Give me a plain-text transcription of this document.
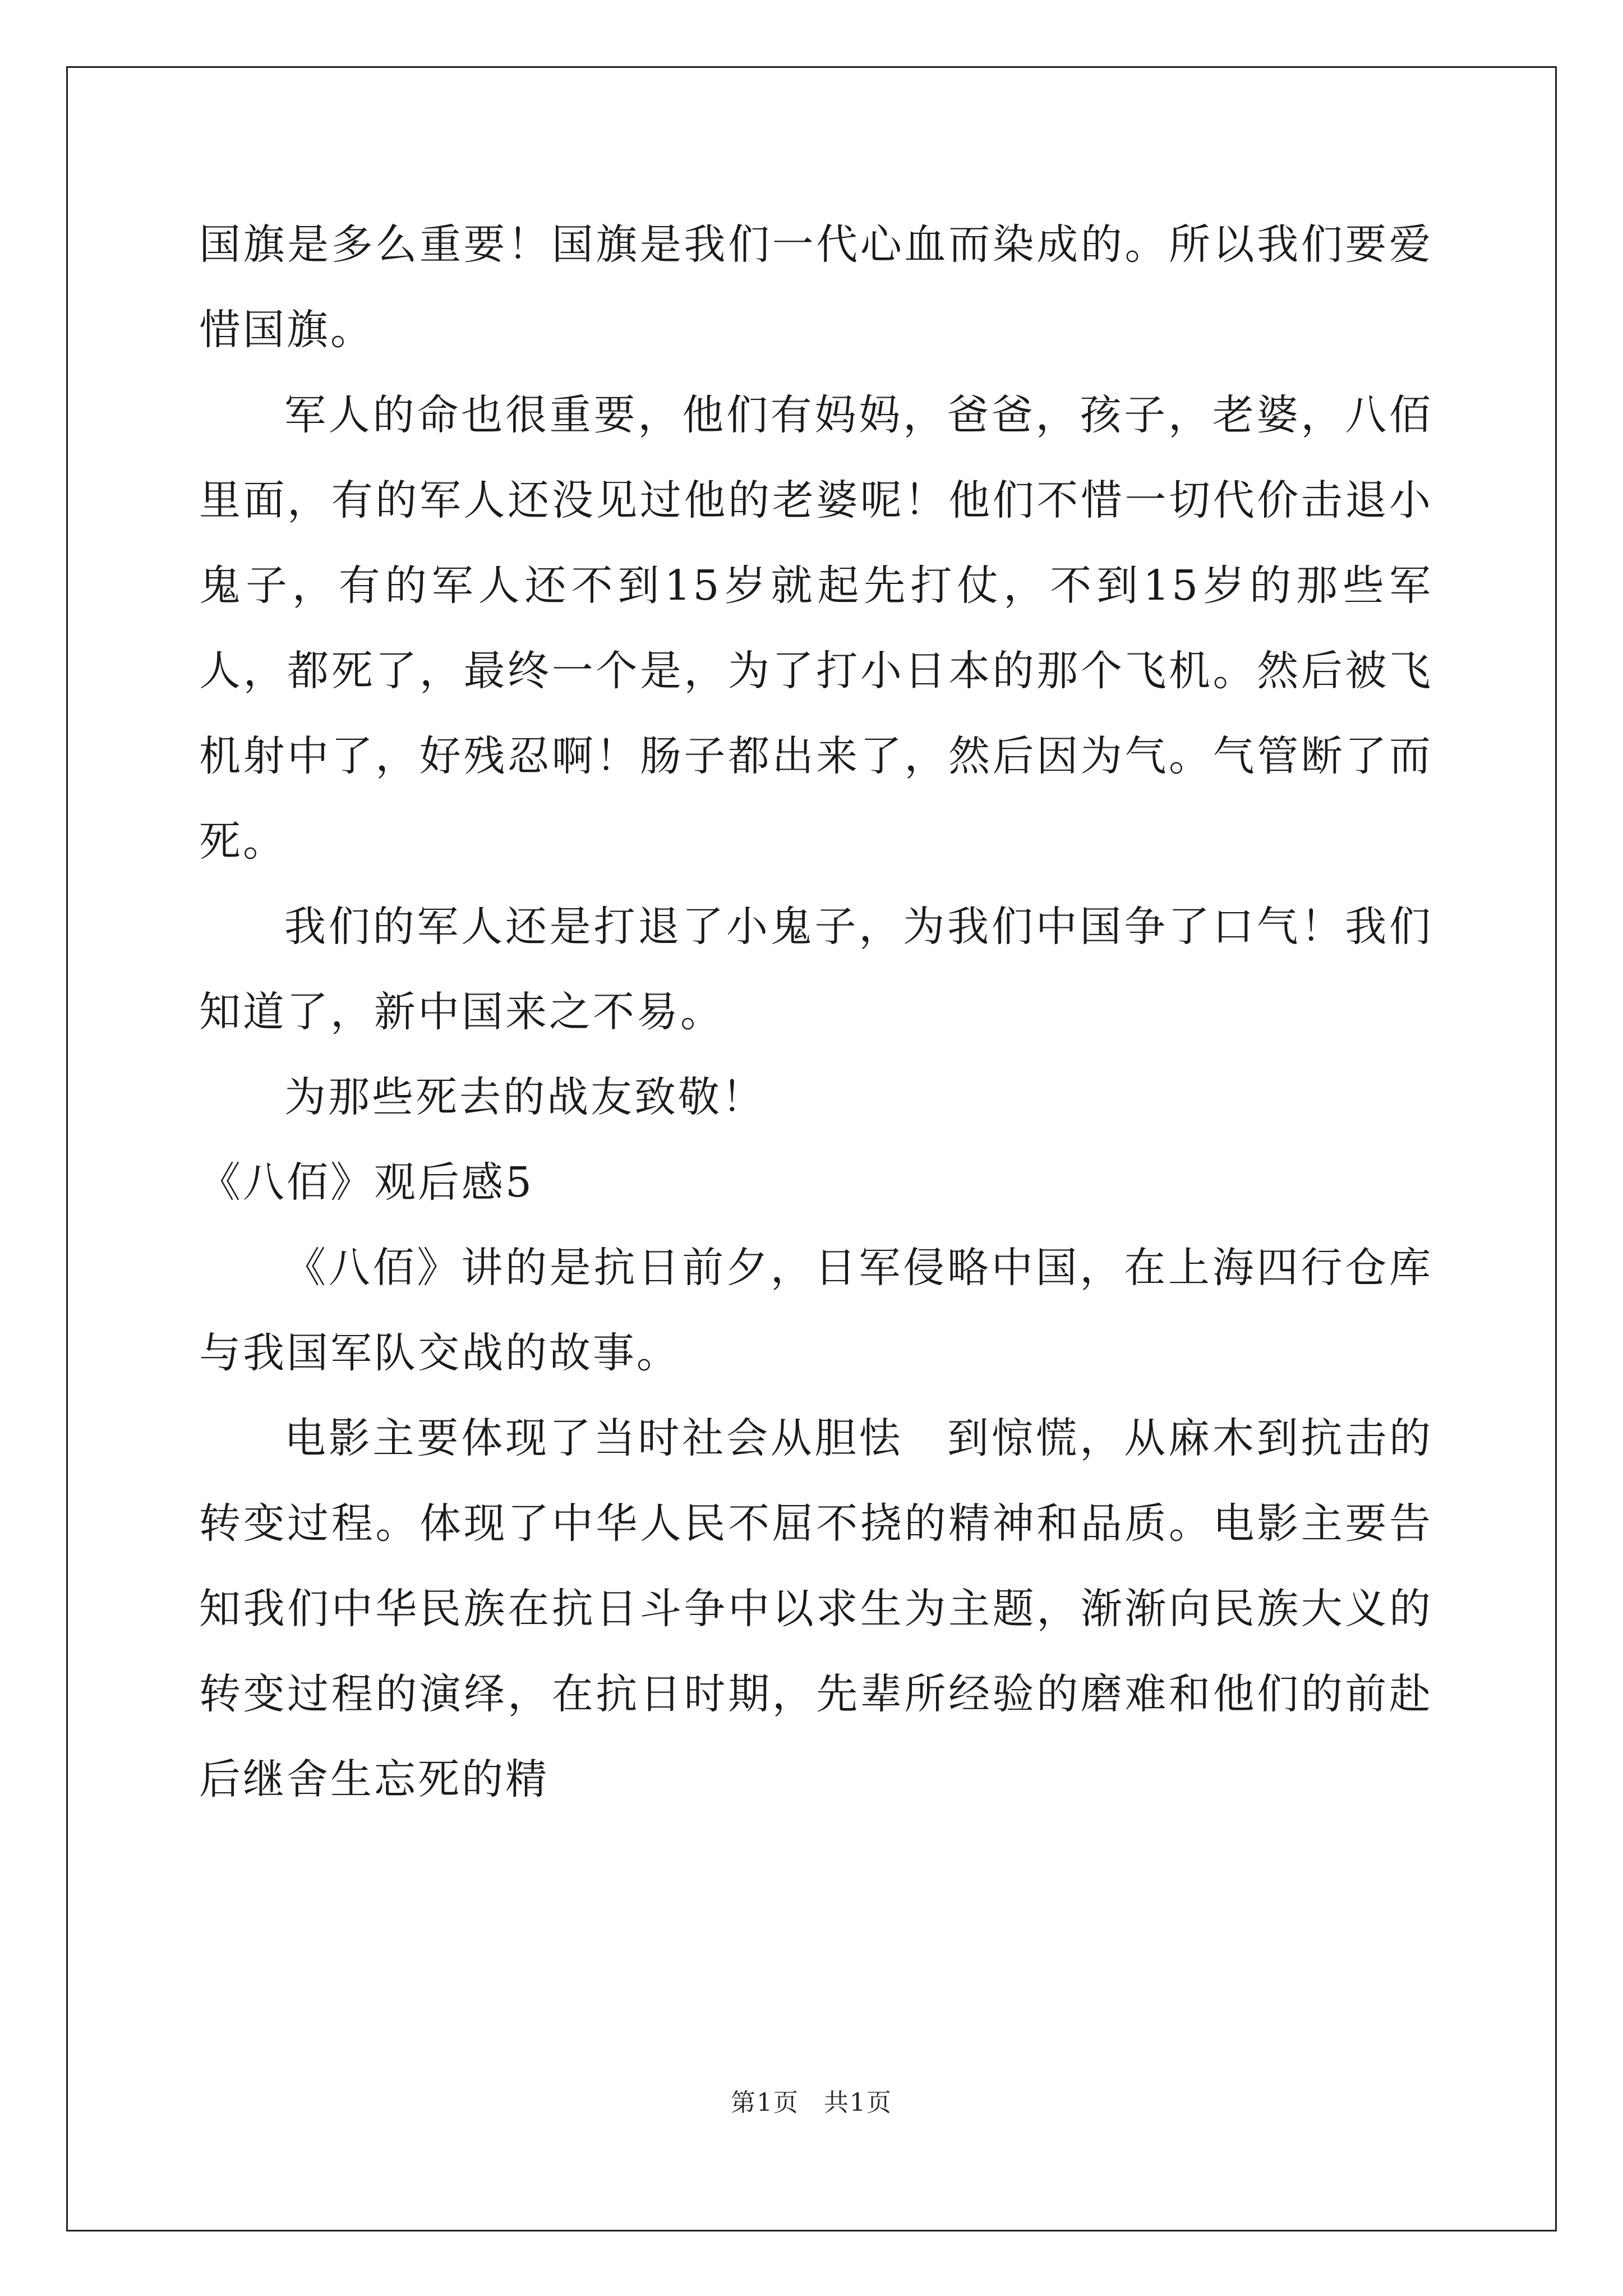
国旗是多么重要！国旗是我们一代心血而染成的。所以我们要爱惜国旗。

军人的命也很重要，他们有妈妈，爸爸，孩子，老婆，八佰里面，有的军人还没见过他的老婆呢！他们不惜一切代价击退小鬼子，有的军人还不到15岁就起先打仗，不到15岁的那些军人，都死了，最终一个是，为了打小日本的那个飞机。然后被飞机射中了，好残忍啊！肠子都出来了，然后因为气。气管断了而死。

我们的军人还是打退了小鬼子，为我们中国争了口气！我们知道了，新中国来之不易。

为那些死去的战友致敬！

《八佰》观后感5

《八佰》讲的是抗日前夕，日军侵略中国，在上海四行仓库与我国军队交战的故事。

电影主要体现了当时社会从胆怯　到惊慌，从麻木到抗击的转变过程。体现了中华人民不屈不挠的精神和品质。电影主要告知我们中华民族在抗日斗争中以求生为主题，渐渐向民族大义的转变过程的演绎，在抗日时期，先辈所经验的磨难和他们的前赴后继舍生忘死的精

第1页 共1页
